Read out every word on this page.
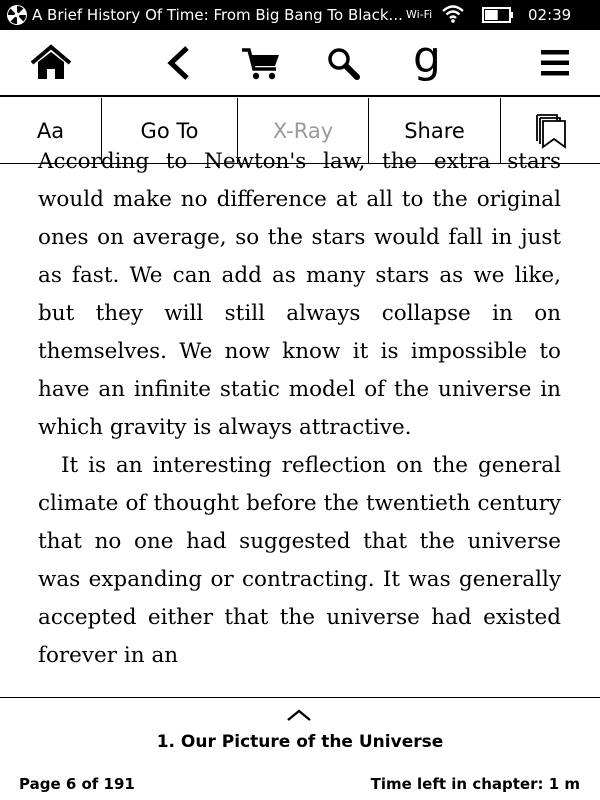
A Brief History Of Time: From Big Bang To Black... Wi-Fi	02:39
g
Aa	Go To	X-Ray	Share

According to Newton's law, the extra stars would make no difference at all to the original ones on average, so the stars would fall in just as fast. We can add as many stars as we like, but they will still always collapse in on themselves. We now know it is impossible to have an infinite static model of the universe in which gravity is always attractive.

It is an interesting reflection on the general climate of thought before the twentieth century that no one had suggested that the universe was expanding or contracting. It was generally accepted either that the universe had existed forever in an

1. Our Picture of the Universe
Page 6 of 191	Time left in chapter: 1 m
